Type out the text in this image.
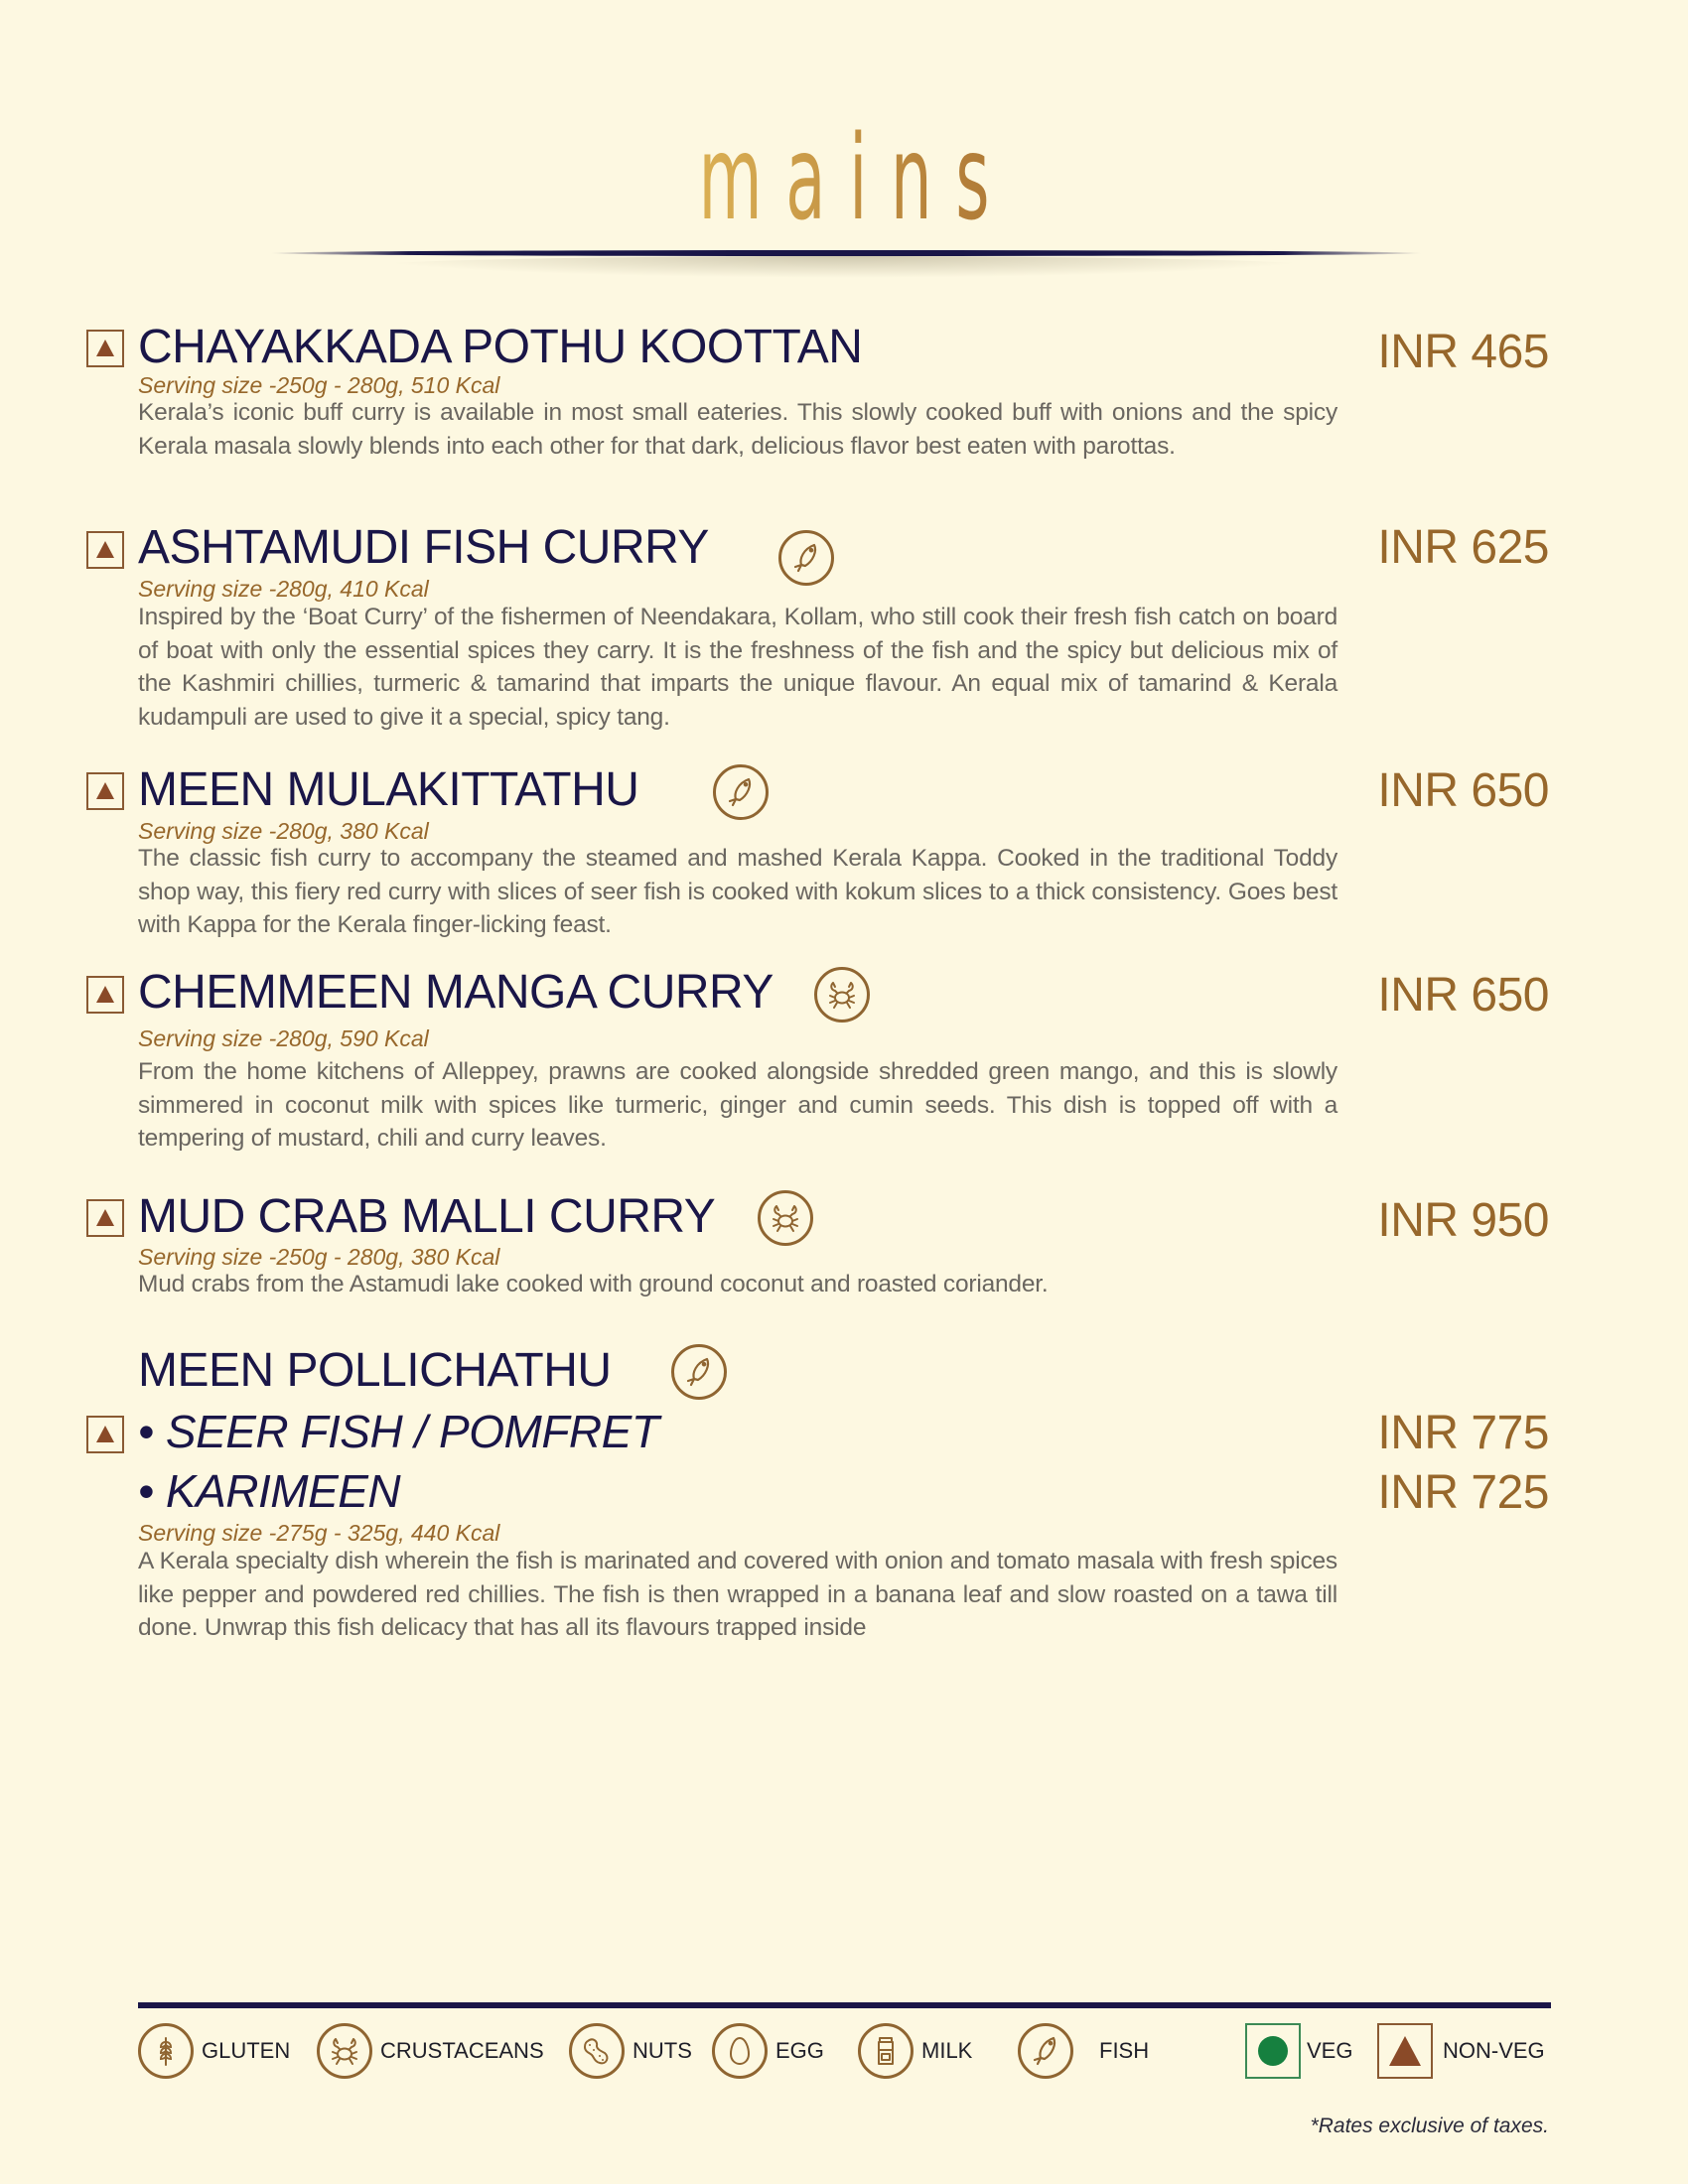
mains
CHAYAKKADA POTHU KOOTTAN	INR 465
Serving size -250g - 280g, 510 Kcal
Kerala’s iconic buff curry is available in most small eateries. This slowly cooked buff with onions and the spicy Kerala masala slowly blends into each other for that dark, delicious flavor best eaten with parottas.
ASHTAMUDI FISH CURRY	INR 625
Serving size -280g, 410 Kcal
Inspired by the ‘Boat Curry’ of the fishermen of Neendakara, Kollam, who still cook their fresh fish catch on board of boat with only the essential spices they carry. It is the freshness of the fish and the spicy but delicious mix of the Kashmiri chillies, turmeric & tamarind that imparts the unique flavour. An equal mix of tamarind & Kerala kudampuli are used to give it a special, spicy tang.
MEEN MULAKITTATHU	INR 650
Serving size -280g, 380 Kcal
The classic fish curry to accompany the steamed and mashed Kerala Kappa. Cooked in the traditional Toddy shop way, this fiery red curry with slices of seer fish is cooked with kokum slices to a thick consistency. Goes best with Kappa for the Kerala finger-licking feast.
CHEMMEEN MANGA CURRY	INR 650
Serving size -280g, 590 Kcal
From the home kitchens of Alleppey, prawns are cooked alongside shredded green mango, and this is slowly simmered in coconut milk with spices like turmeric, ginger and cumin seeds. This dish is topped off with a tempering of mustard, chili and curry leaves.
MUD CRAB MALLI CURRY	INR 950
Serving size -250g - 280g, 380 Kcal
Mud crabs from the Astamudi lake cooked with ground coconut and roasted coriander.
MEEN POLLICHATHU
• SEER FISH / POMFRET	INR 775
• KARIMEEN	INR 725
Serving size -275g - 325g, 440 Kcal
A Kerala specialty dish wherein the fish is marinated and covered with onion and tomato masala with fresh spices like pepper and powdered red chillies. The fish is then wrapped in a banana leaf and slow roasted on a tawa till done. Unwrap this fish delicacy that has all its flavours trapped inside
GLUTEN	CRUSTACEANS	NUTS	EGG	MILK	FISH	VEG	NON-VEG
*Rates exclusive of taxes.
